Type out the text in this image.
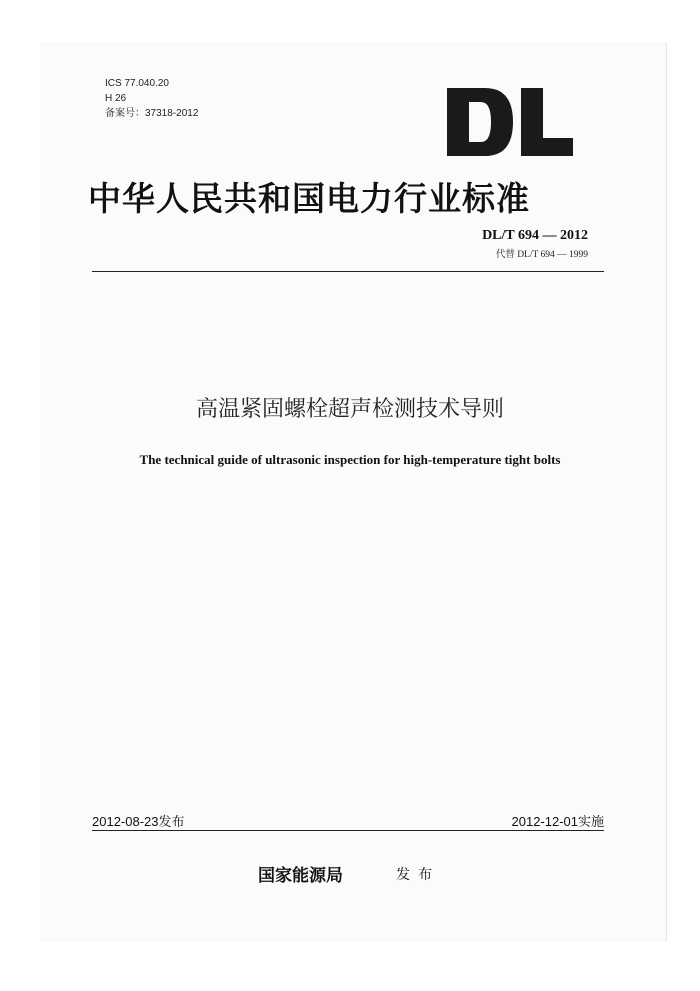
ICS 77.040.20
H 26
备案号：37318-2012
中华人民共和国电力行业标准
DL/T 694 — 2012
代替 DL/T 694 — 1999
高温紧固螺栓超声检测技术导则
The technical guide of ultrasonic inspection for high-temperature tight bolts
2012-08-23发布	2012-12-01实施
国家能源局	发布
